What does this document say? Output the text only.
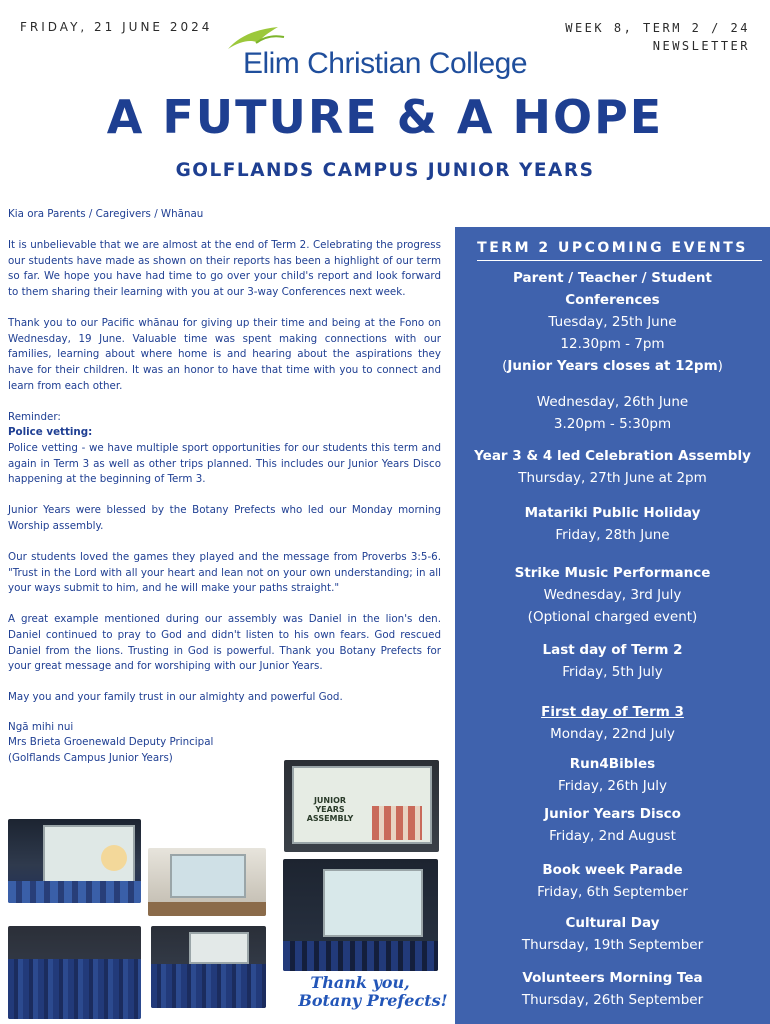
FRIDAY, 21 JUNE 2024	WEEK 8, TERM 2 / 24
NEWSLETTER
Elim Christian College
A FUTURE & A HOPE
GOLFLANDS CAMPUS JUNIOR YEARS

Kia ora Parents / Caregivers / Whānau

It is unbelievable that we are almost at the end of Term 2. Celebrating the progress our students have made as shown on their reports has been a highlight of our term so far. We hope you have had time to go over your child's report and look forward to them sharing their learning with you at our 3-way Conferences next week.

Thank you to our Pacific whānau for giving up their time and being at the Fono on Wednesday, 19 June. Valuable time was spent making connections with our families, learning about where home is and hearing about the aspirations they have for their children. It was an honor to have that time with you to connect and learn from each other.

Reminder:
Police vetting:

Police vetting - we have multiple sport opportunities for our students this term and again in Term 3 as well as other trips planned. This includes our Junior Years Disco happening at the beginning of Term 3.

Junior Years were blessed by the Botany Prefects who led our Monday morning Worship assembly.

Our students loved the games they played and the message from Proverbs 3:5-6. "Trust in the Lord with all your heart and lean not on your own understanding; in all your ways submit to him, and he will make your paths straight."

A great example mentioned during our assembly was Daniel in the lion's den. Daniel continued to pray to God and didn't listen to his own fears. God rescued Daniel from the lions. Trusting in God is powerful. Thank you Botany Prefects for your great message and for worshiping with our Junior Years.

May you and your family trust in our almighty and powerful God.

Ngā mihi nui
Mrs Brieta Groenewald Deputy Principal
(Golflands Campus Junior Years)

TERM 2 UPCOMING EVENTS
Parent / Teacher / Student
Conferences
Tuesday, 25th June
12.30pm - 7pm
(Junior Years closes at 12pm)
Wednesday, 26th June
3.20pm - 5:30pm
Year 3 & 4 led Celebration Assembly
Thursday, 27th June at 2pm
Matariki Public Holiday
Friday, 28th June
Strike Music Performance
Wednesday, 3rd July
(Optional charged event)
Last day of Term 2
Friday, 5th July
First day of Term 3
Monday, 22nd July
Run4Bibles
Friday, 26th July
Junior Years Disco
Friday, 2nd August
Book week Parade
Friday, 6th September
Cultural Day
Thursday, 19th September
Volunteers Morning Tea
Thursday, 26th September
JUNIOR YEARS
ASSEMBLY
Thank you,
Botany Prefects!
